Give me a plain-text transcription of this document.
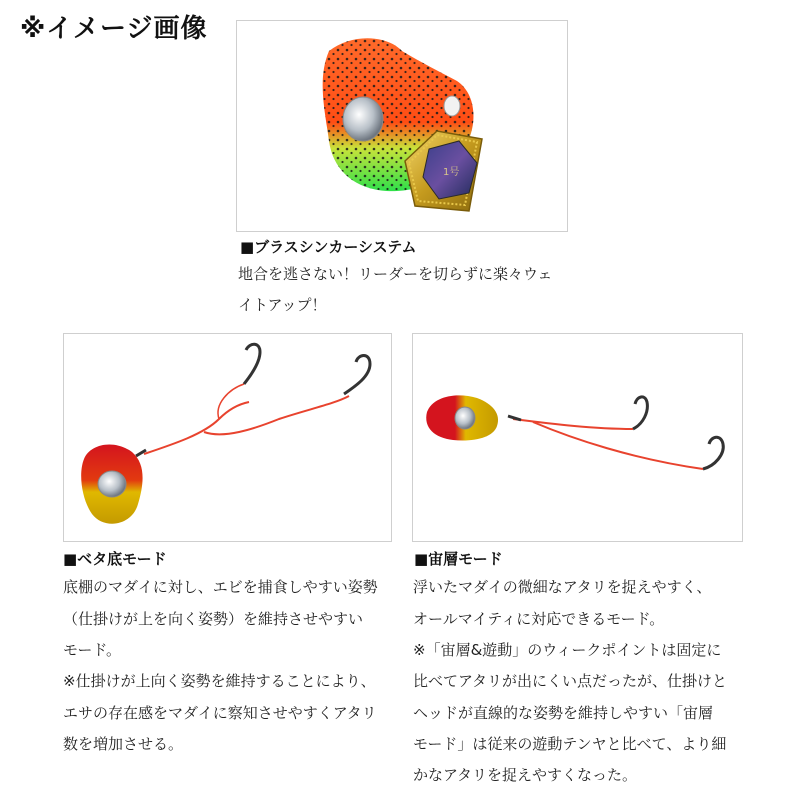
※イメージ画像
1号
■ブラスシンカーシステム
地合を逃さない！リーダーを切らずに楽々ウェ
イトアップ！
■ベタ底モード
底棚のマダイに対し、エビを捕食しやすい姿勢
（仕掛けが上を向く姿勢）を維持させやすい
モード。
※仕掛けが上向く姿勢を維持することにより、
エサの存在感をマダイに察知させやすくアタリ
数を増加させる。
■宙層モード
浮いたマダイの微細なアタリを捉えやすく、
オールマイティに対応できるモード。
※「宙層&遊動」のウィークポイントは固定に
比べてアタリが出にくい点だったが、仕掛けと
ヘッドが直線的な姿勢を維持しやすい「宙層
モード」は従来の遊動テンヤと比べて、より細
かなアタリを捉えやすくなった。
